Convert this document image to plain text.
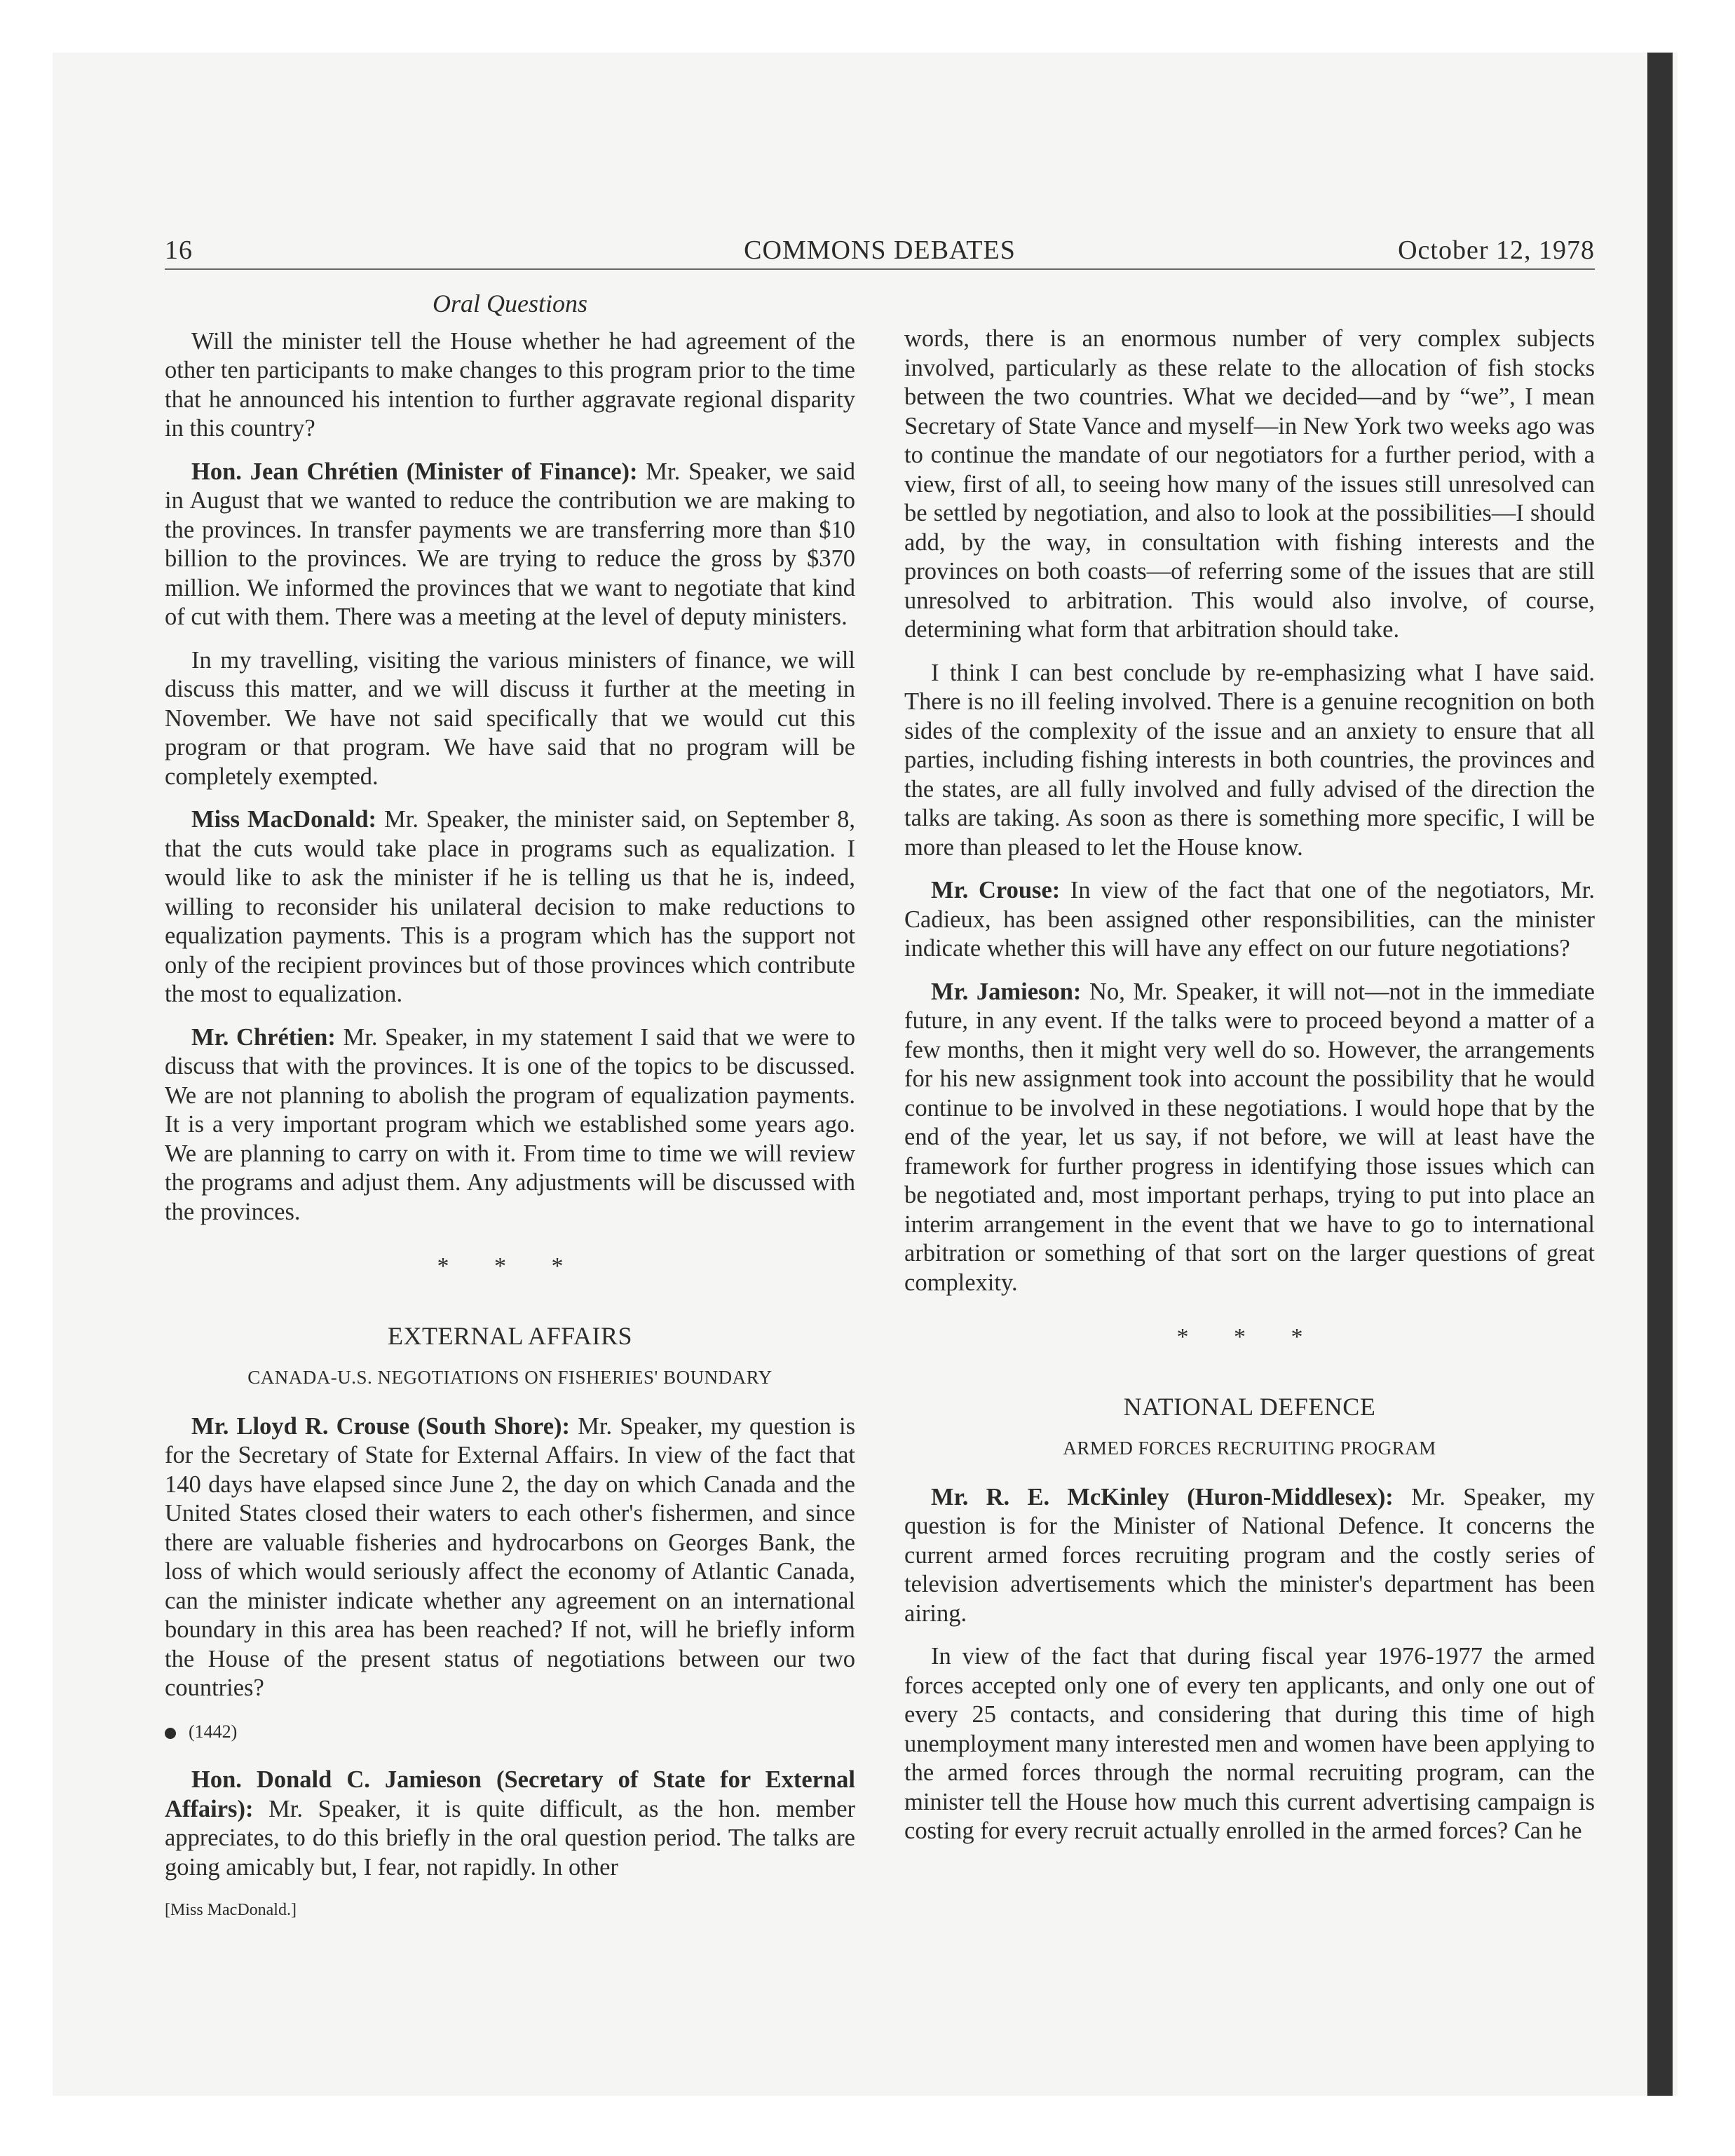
16	COMMONS DEBATES	October 12, 1978
Oral Questions

Will the minister tell the House whether he had agreement of the other ten participants to make changes to this program prior to the time that he announced his intention to further aggravate regional disparity in this country?

Hon. Jean Chrétien (Minister of Finance): Mr. Speaker, we said in August that we wanted to reduce the contribution we are making to the provinces. In transfer payments we are transferring more than $10 billion to the provinces. We are trying to reduce the gross by $370 million. We informed the provinces that we want to negotiate that kind of cut with them. There was a meeting at the level of deputy ministers.

In my travelling, visiting the various ministers of finance, we will discuss this matter, and we will discuss it further at the meeting in November. We have not said specifically that we would cut this program or that program. We have said that no program will be completely exempted.

Miss MacDonald: Mr. Speaker, the minister said, on September 8, that the cuts would take place in programs such as equalization. I would like to ask the minister if he is telling us that he is, indeed, willing to reconsider his unilateral decision to make reductions to equalization payments. This is a program which has the support not only of the recipient provinces but of those provinces which contribute the most to equalization.

Mr. Chrétien: Mr. Speaker, in my statement I said that we were to discuss that with the provinces. It is one of the topics to be discussed. We are not planning to abolish the program of equalization payments. It is a very important program which we established some years ago. We are planning to carry on with it. From time to time we will review the programs and adjust them. Any adjustments will be discussed with the provinces.

* * *
EXTERNAL AFFAIRS
CANADA-U.S. NEGOTIATIONS ON FISHERIES' BOUNDARY

Mr. Lloyd R. Crouse (South Shore): Mr. Speaker, my question is for the Secretary of State for External Affairs. In view of the fact that 140 days have elapsed since June 2, the day on which Canada and the United States closed their waters to each other's fishermen, and since there are valuable fisheries and hydrocarbons on Georges Bank, the loss of which would seriously affect the economy of Atlantic Canada, can the minister indicate whether any agreement on an international boundary in this area has been reached? If not, will he briefly inform the House of the present status of negotiations between our two countries?

(1442)

Hon. Donald C. Jamieson (Secretary of State for External Affairs): Mr. Speaker, it is quite difficult, as the hon. member appreciates, to do this briefly in the oral question period. The talks are going amicably but, I fear, not rapidly. In other

[Miss MacDonald.]

words, there is an enormous number of very complex subjects involved, particularly as these relate to the allocation of fish stocks between the two countries. What we decided—and by “we”, I mean Secretary of State Vance and myself—in New York two weeks ago was to continue the mandate of our negotiators for a further period, with a view, first of all, to seeing how many of the issues still unresolved can be settled by negotiation, and also to look at the possibilities—I should add, by the way, in consultation with fishing interests and the provinces on both coasts—of referring some of the issues that are still unresolved to arbitration. This would also involve, of course, determining what form that arbitration should take.

I think I can best conclude by re-emphasizing what I have said. There is no ill feeling involved. There is a genuine recognition on both sides of the complexity of the issue and an anxiety to ensure that all parties, including fishing interests in both countries, the provinces and the states, are all fully involved and fully advised of the direction the talks are taking. As soon as there is something more specific, I will be more than pleased to let the House know.

Mr. Crouse: In view of the fact that one of the negotiators, Mr. Cadieux, has been assigned other responsibilities, can the minister indicate whether this will have any effect on our future negotiations?

Mr. Jamieson: No, Mr. Speaker, it will not—not in the immediate future, in any event. If the talks were to proceed beyond a matter of a few months, then it might very well do so. However, the arrangements for his new assignment took into account the possibility that he would continue to be involved in these negotiations. I would hope that by the end of the year, let us say, if not before, we will at least have the framework for further progress in identifying those issues which can be negotiated and, most important perhaps, trying to put into place an interim arrangement in the event that we have to go to international arbitration or something of that sort on the larger questions of great complexity.

* * *
NATIONAL DEFENCE
ARMED FORCES RECRUITING PROGRAM

Mr. R. E. McKinley (Huron-Middlesex): Mr. Speaker, my question is for the Minister of National Defence. It concerns the current armed forces recruiting program and the costly series of television advertisements which the minister's department has been airing.

In view of the fact that during fiscal year 1976-1977 the armed forces accepted only one of every ten applicants, and only one out of every 25 contacts, and considering that during this time of high unemployment many interested men and women have been applying to the armed forces through the normal recruiting program, can the minister tell the House how much this current advertising campaign is costing for every recruit actually enrolled in the armed forces? Can he
